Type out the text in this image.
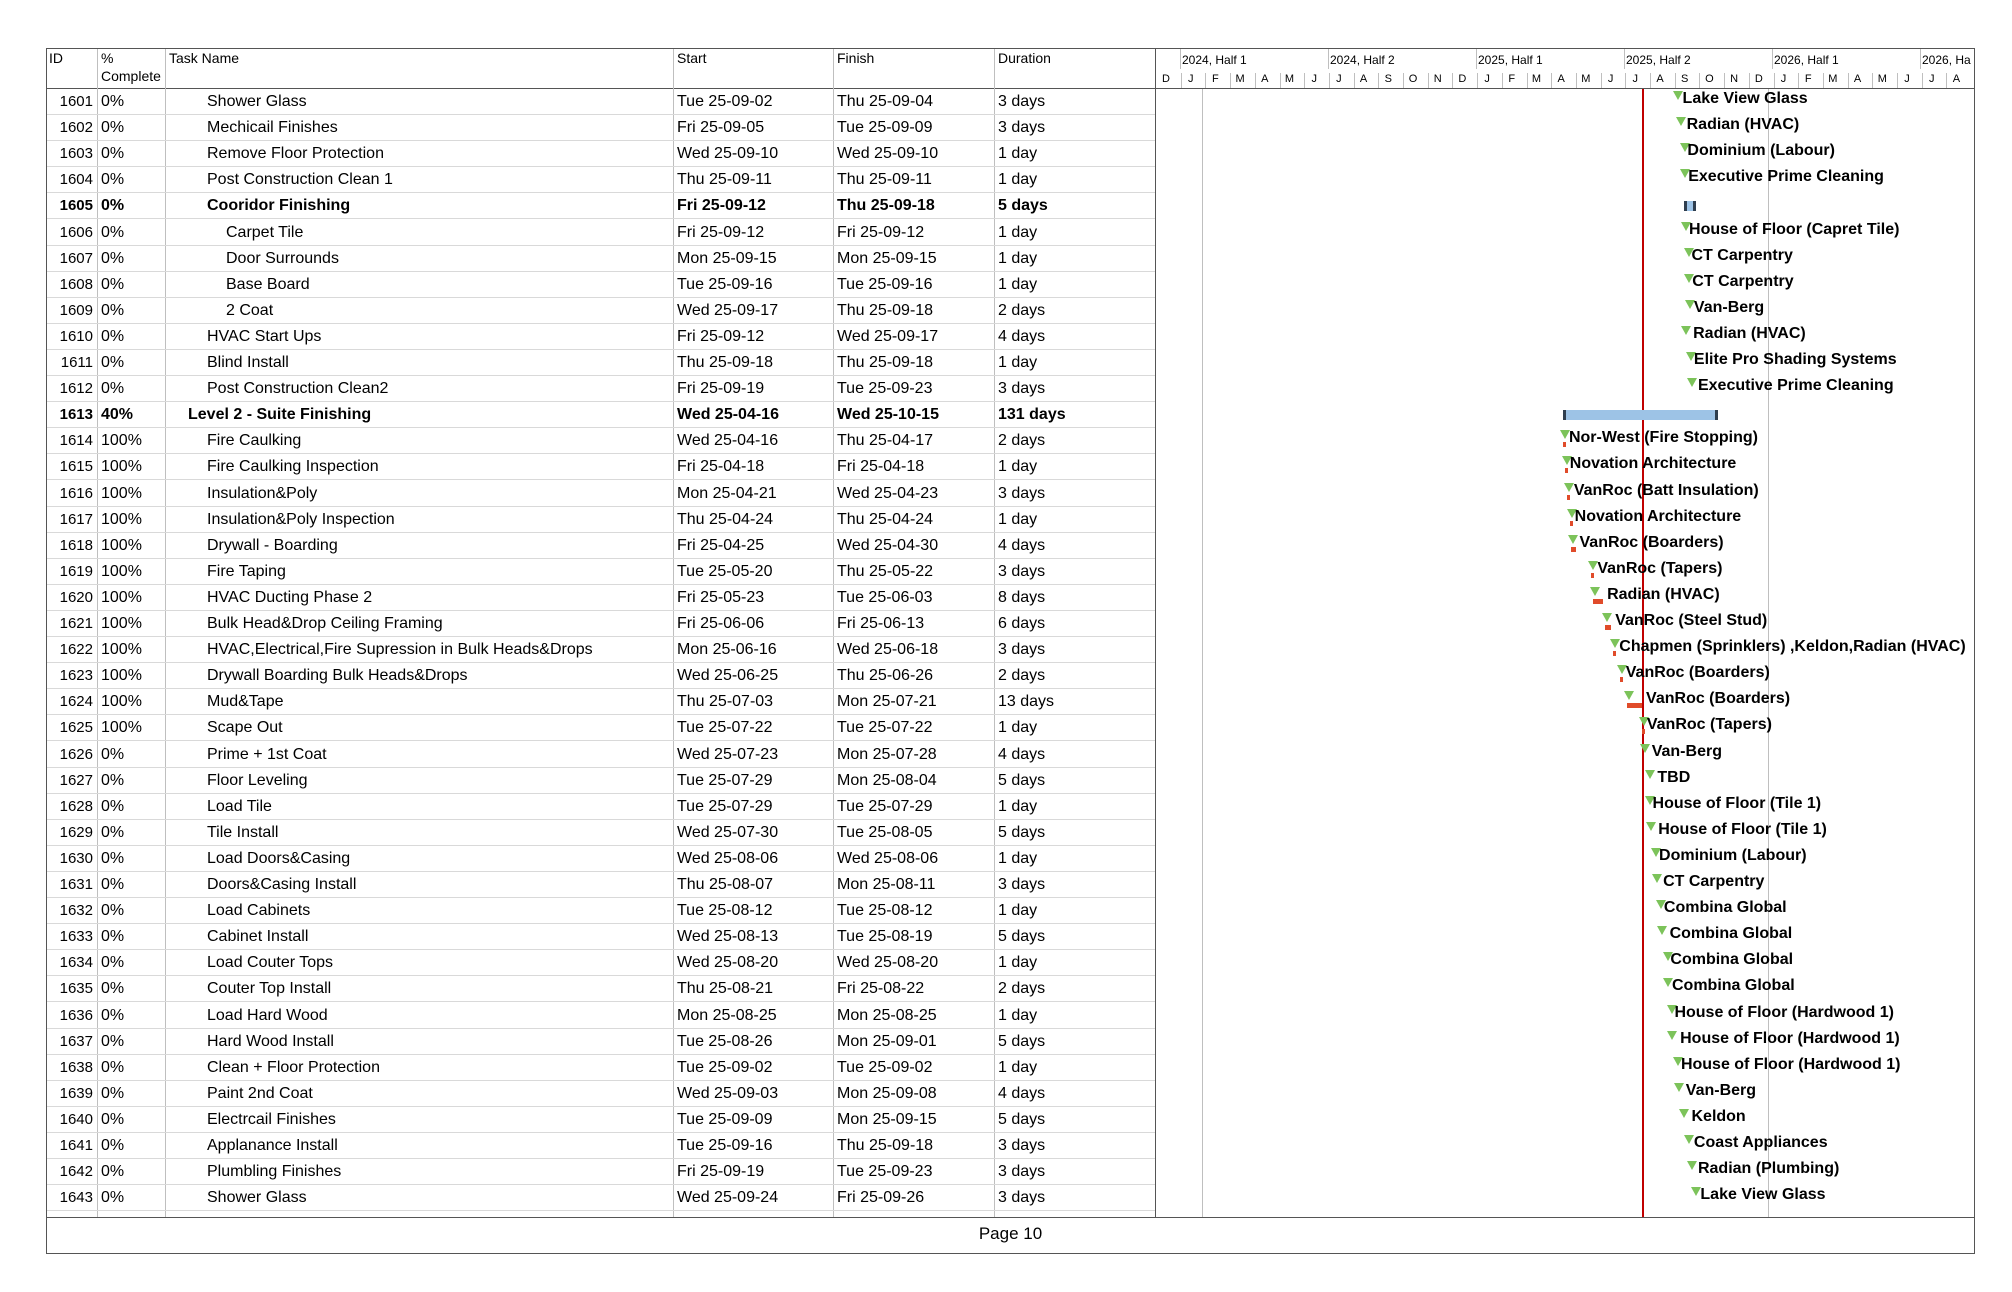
ID	%
Complete
Task Name	Start	Finish	Duration
1601 0%	Shower Glass	Tue 25-09-02	Thu 25-09-04	3 days
1602 0%	Mechicail Finishes	Fri 25-09-05	Tue 25-09-09	3 days
1603 0%	Remove Floor Protection	Wed 25-09-10	Wed 25-09-10	1 day
1604 0%	Post Construction Clean 1	Thu 25-09-11	Thu 25-09-11	1 day
1605 0%	Cooridor Finishing	Fri 25-09-12	Thu 25-09-18	5 days
1606 0%	Carpet Tile	Fri 25-09-12	Fri 25-09-12	1 day
1607 0%	Door Surrounds	Mon 25-09-15	Mon 25-09-15	1 day
1608 0%	Base Board	Tue 25-09-16	Tue 25-09-16	1 day
1609 0%	2 Coat	Wed 25-09-17	Thu 25-09-18	2 days
1610 0%	HVAC Start Ups	Fri 25-09-12	Wed 25-09-17	4 days
1611 0%	Blind Install	Thu 25-09-18	Thu 25-09-18	1 day
1612 0%	Post Construction Clean2	Fri 25-09-19	Tue 25-09-23	3 days
1613 40%	Level 2 - Suite Finishing	Wed 25-04-16	Wed 25-10-15	131 days
1614 100%	Fire Caulking	Wed 25-04-16	Thu 25-04-17	2 days
1615 100%	Fire Caulking Inspection	Fri 25-04-18	Fri 25-04-18	1 day
1616 100%	Insulation&Poly	Mon 25-04-21	Wed 25-04-23	3 days
1617 100%	Insulation&Poly Inspection	Thu 25-04-24	Thu 25-04-24	1 day
1618 100%	Drywall - Boarding	Fri 25-04-25	Wed 25-04-30	4 days
1619 100%	Fire Taping	Tue 25-05-20	Thu 25-05-22	3 days
1620 100%	HVAC Ducting Phase 2	Fri 25-05-23	Tue 25-06-03	8 days
1621 100%	Bulk Head&Drop Ceiling Framing	Fri 25-06-06	Fri 25-06-13	6 days
1622 100%	HVAC,Electrical,Fire Supression in Bulk Heads&Drops	Mon 25-06-16	Wed 25-06-18	3 days
1623 100%	Drywall Boarding Bulk Heads&Drops	Wed 25-06-25	Thu 25-06-26	2 days
1624 100%	Mud&Tape	Thu 25-07-03	Mon 25-07-21	13 days
1625 100%	Scape Out	Tue 25-07-22	Tue 25-07-22	1 day
1626 0%	Prime + 1st Coat	Wed 25-07-23	Mon 25-07-28	4 days
1627 0%	Floor Leveling	Tue 25-07-29	Mon 25-08-04	5 days
1628 0%	Load Tile	Tue 25-07-29	Tue 25-07-29	1 day
1629 0%	Tile Install	Wed 25-07-30	Tue 25-08-05	5 days
1630 0%	Load Doors&Casing	Wed 25-08-06	Wed 25-08-06	1 day
1631 0%	Doors&Casing Install	Thu 25-08-07	Mon 25-08-11	3 days
1632 0%	Load Cabinets	Tue 25-08-12	Tue 25-08-12	1 day
1633 0%	Cabinet Install	Wed 25-08-13	Tue 25-08-19	5 days
1634 0%	Load Couter Tops	Wed 25-08-20	Wed 25-08-20	1 day
1635 0%	Couter Top Install	Thu 25-08-21	Fri 25-08-22	2 days
1636 0%	Load Hard Wood	Mon 25-08-25	Mon 25-08-25	1 day
1637 0%	Hard Wood Install	Tue 25-08-26	Mon 25-09-01	5 days
1638 0%	Clean + Floor Protection	Tue 25-09-02	Tue 25-09-02	1 day
1639 0%	Paint 2nd Coat	Wed 25-09-03	Mon 25-09-08	4 days
1640 0%	Electrcail Finishes	Tue 25-09-09	Mon 25-09-15	5 days
1641 0%	Applanance Install	Tue 25-09-16	Thu 25-09-18	3 days
1642 0%	Plumbling Finishes	Fri 25-09-19	Tue 25-09-23	3 days
1643 0%	Shower Glass	Wed 25-09-24	Fri 25-09-26	3 days
2024, Half 1	2024, Half 2	2025, Half 1	2025, Half 2	2026, Half 1	2026, Ha
D	J	F	M	A	M	J	J	A	S	O N D	J	F	M	A	M	J	J	A	S	O N D	J	F	M	A	M	J	J	A
Lake View Glass
Radian (HVAC)
Dominium (Labour)
Executive Prime Cleaning
House of Floor (Capret Tile)
CT Carpentry
CT Carpentry
Van-Berg
Radian (HVAC)
Elite Pro Shading Systems
Executive Prime Cleaning
Nor-West (Fire Stopping)
Novation Architecture
VanRoc (Batt Insulation)
Novation Architecture
VanRoc (Boarders)
VanRoc (Tapers)
Radian (HVAC)
VanRoc (Steel Stud)
Chapmen (Sprinklers) ,Keldon,Radian (HVAC)
VanRoc (Boarders)
VanRoc (Boarders)
VanRoc (Tapers)
Van-Berg
TBD
House of Floor (Tile 1)
House of Floor (Tile 1)
Dominium (Labour)
CT Carpentry
Combina Global
Combina Global
Combina Global
Combina Global
House of Floor (Hardwood 1)
House of Floor (Hardwood 1)
House of Floor (Hardwood 1)
Van-Berg
Keldon
Coast Appliances
Radian (Plumbing)
Lake View Glass
Page 10
